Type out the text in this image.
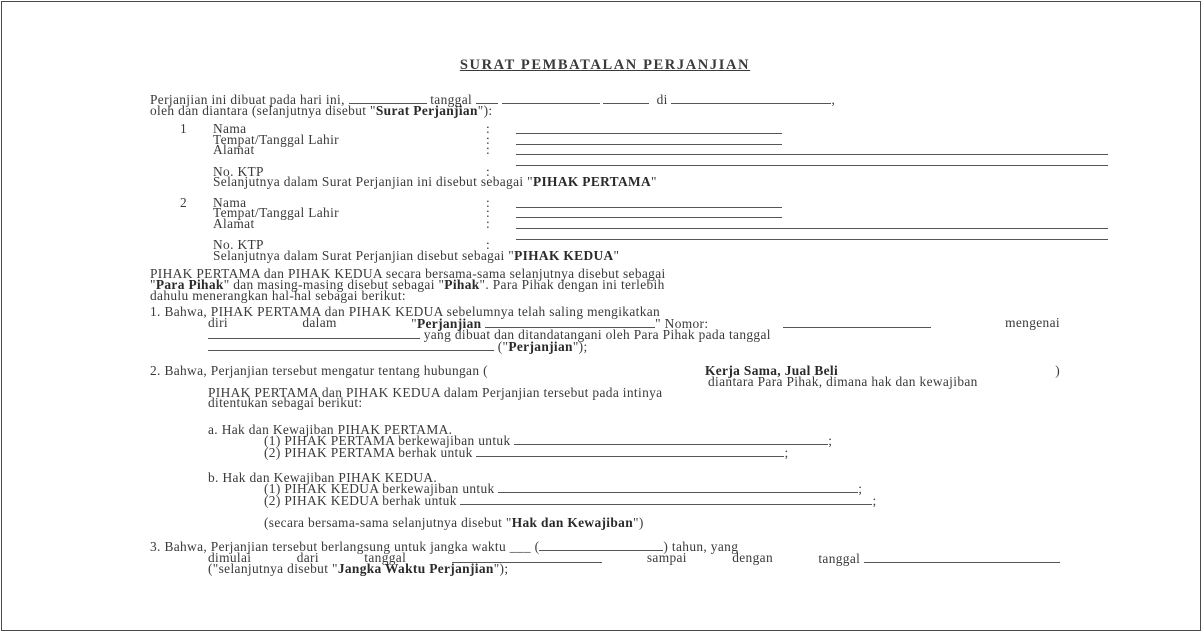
SURAT PEMBATALAN PERJANJIAN
Perjanjian ini dibuat pada hari ini,	tanggal	di	,
oleh dan diantara (selanjutnya disebut "Surat Perjanjian"):
1 Nama	:
Tempat/Tanggal Lahir	:
Alamat	:
No. KTP	:
Selanjutnya dalam Surat Perjanjian ini disebut sebagai "PIHAK PERTAMA"
2 Nama	:
Tempat/Tanggal Lahir	:
Alamat	:
No. KTP	:
Selanjutnya dalam Surat Perjanjian disebut sebagai "PIHAK KEDUA"
PIHAK PERTAMA dan PIHAK KEDUA secara bersama-sama selanjutnya disebut sebagai
"Para Pihak" dan masing-masing disebut sebagai "Pihak". Para Pihak dengan ini terlebih
dahulu menerangkan hal-hal sebagai berikut:
1. Bahwa, PIHAK PERTAMA dan PIHAK KEDUA sebelumnya telah saling mengikatkan
diri	dalam	"Perjanjian	" Nomor:	mengenai
yang dibuat dan ditandatangani oleh Para Pihak pada tanggal
("Perjanjian");
2. Bahwa, Perjanjian tersebut mengatur tentang hubungan (	Kerja Sama, Jual Beli	)
diantara Para Pihak, dimana hak dan kewajiban
PIHAK PERTAMA dan PIHAK KEDUA dalam Perjanjian tersebut pada intinya
ditentukan sebagai berikut:
a. Hak dan Kewajiban PIHAK PERTAMA.
(1) PIHAK PERTAMA berkewajiban untuk	;
(2) PIHAK PERTAMA berhak untuk	;
b. Hak dan Kewajiban PIHAK KEDUA.
(1) PIHAK KEDUA berkewajiban untuk	;
(2) PIHAK KEDUA berhak untuk	;
(secara bersama-sama selanjutnya disebut "Hak dan Kewajiban")
3. Bahwa, Perjanjian tersebut berlangsung untuk jangka waktu ___ (	) tahun, yang
dimulai	dari	tanggal	sampai	dengan	tanggal
("selanjutnya disebut "Jangka Waktu Perjanjian");
